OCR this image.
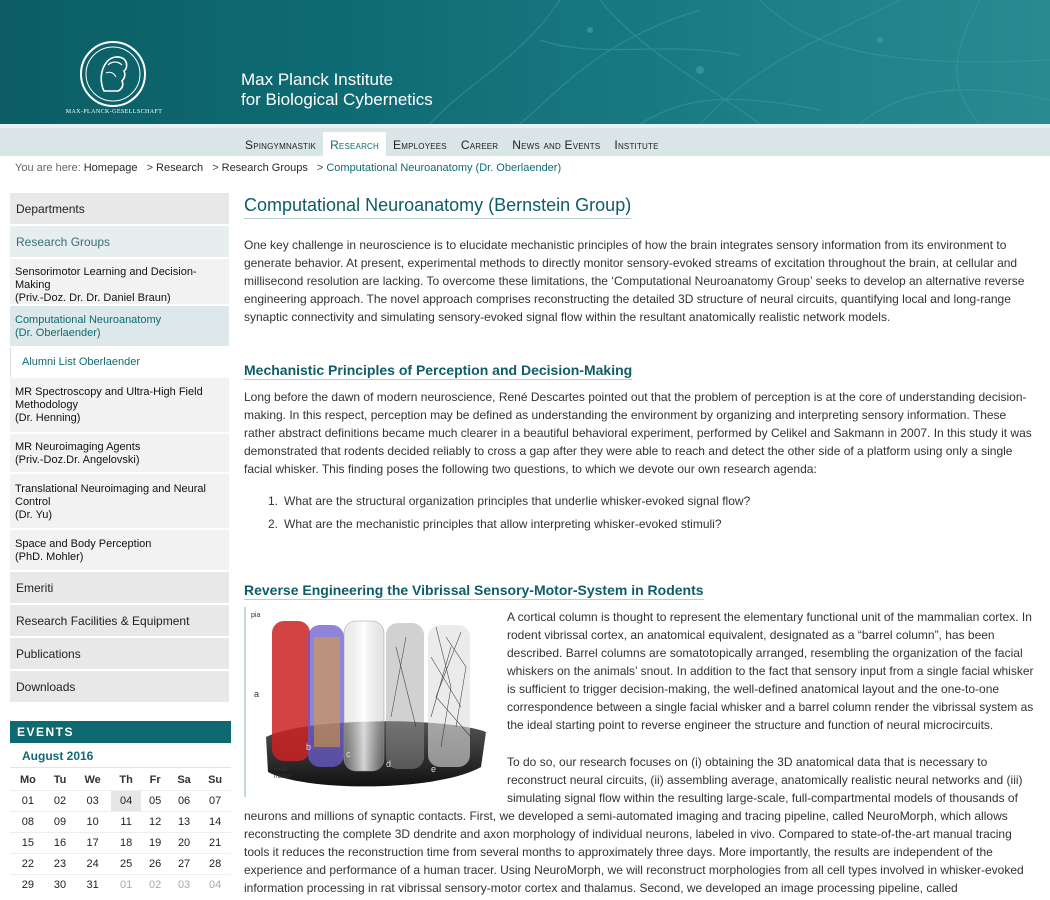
MAX-PLANCK-GESELLSCHAFT
Max Planck Institute
for Biological Cybernetics
Spingymnastik	Research	Employees	Career	News and Events	Institute
You are here: Homepage > Research > Research Groups > Computational Neuroanatomy (Dr. Oberlaender)
Departments
Research Groups
Sensorimotor Learning and Decision-
Making
(Priv.-Doz. Dr. Dr. Daniel Braun)
Computational Neuroanatomy
(Dr. Oberlaender)
Alumni List Oberlaender
MR Spectroscopy and Ultra-High Field
Methodology
(Dr. Henning)
MR Neuroimaging Agents
(Priv.-Doz.Dr. Angelovski)
Translational Neuroimaging and Neural
Control
(Dr. Yu)
Space and Body Perception
(PhD. Mohler)
Emeriti
Research Facilities & Equipment
Publications
Downloads
EVENTS
August 2016
Mo	Tu	We	Th	Fr	Sa	Su
01	02	03	04	05	06	07
08	09	10	11	12	13	14
15	16	17	18	19	20	21
22	23	24	25	26	27	28
29	30	31	01	02	03	04
Computational Neuroanatomy (Bernstein Group)

One key challenge in neuroscience is to elucidate mechanistic principles of how the brain integrates sensory information from its environment to generate behavior. At present, experimental methods to directly monitor sensory-evoked streams of excitation throughout the brain, at cellular and millisecond resolution are lacking. To overcome these limitations, the ‘Computational Neuroanatomy Group’ seeks to develop an alternative reverse engineering approach. The novel approach comprises reconstructing the detailed 3D structure of neural circuits, quantifying local and long-range synaptic connectivity and simulating sensory-evoked signal flow within the resultant anatomically realistic network models.

Mechanistic Principles of Perception and Decision-Making

Long before the dawn of modern neuroscience, René Descartes pointed out that the problem of perception is at the core of understanding decision-making. In this respect, perception may be defined as understanding the environment by organizing and interpreting sensory information. These rather abstract definitions became much clearer in a beautiful behavioral experiment, performed by Celikel and Sakmann in 2007. In this study it was demonstrated that rodents decided reliably to cross a gap after they were able to reach and detect the other side of a platform using only a single facial whisker. This finding poses the following two questions, to which we devote our own research agenda:

1. What are the structural organization principles that underlie whisker-evoked signal flow?
2. What are the mechanistic principles that allow interpreting whisker-evoked stimuli?
Reverse Engineering the Vibrissal Sensory-Motor-System in Rodents
pia
a
b
c
d	e
white
matter

A cortical column is thought to represent the elementary functional unit of the mammalian cortex. In rodent vibrissal cortex, an anatomical equivalent, designated as a “barrel column”, has been described. Barrel columns are somatotopically arranged, resembling the organization of the facial whiskers on the animals’ snout. In addition to the fact that sensory input from a single facial whisker is sufficient to trigger decision-making, the well-defined anatomical layout and the one-to-one correspondence between a single facial whisker and a barrel column render the vibrissal system as the ideal starting point to reverse engineer the structure and function of neural microcircuits.

To do so, our research focuses on (i) obtaining the 3D anatomical data that is necessary to reconstruct neural circuits, (ii) assembling average, anatomically realistic neural networks and (iii) simulating signal flow within the resulting large-scale, full-compartmental models of thousands of

neurons and millions of synaptic contacts. First, we developed a semi-automated imaging and tracing pipeline, called NeuroMorph, which allows reconstructing the complete 3D dendrite and axon morphology of individual neurons, labeled in vivo. Compared to state-of-the-art manual tracing tools it reduces the reconstruction time from several months to approximately three days. More importantly, the results are independent of the experience and performance of a human tracer. Using NeuroMorph, we will reconstruct morphologies from all cell types involved in whisker-evoked information processing in rat vibrissal sensory-motor cortex and thalamus. Second, we developed an image processing pipeline, called
